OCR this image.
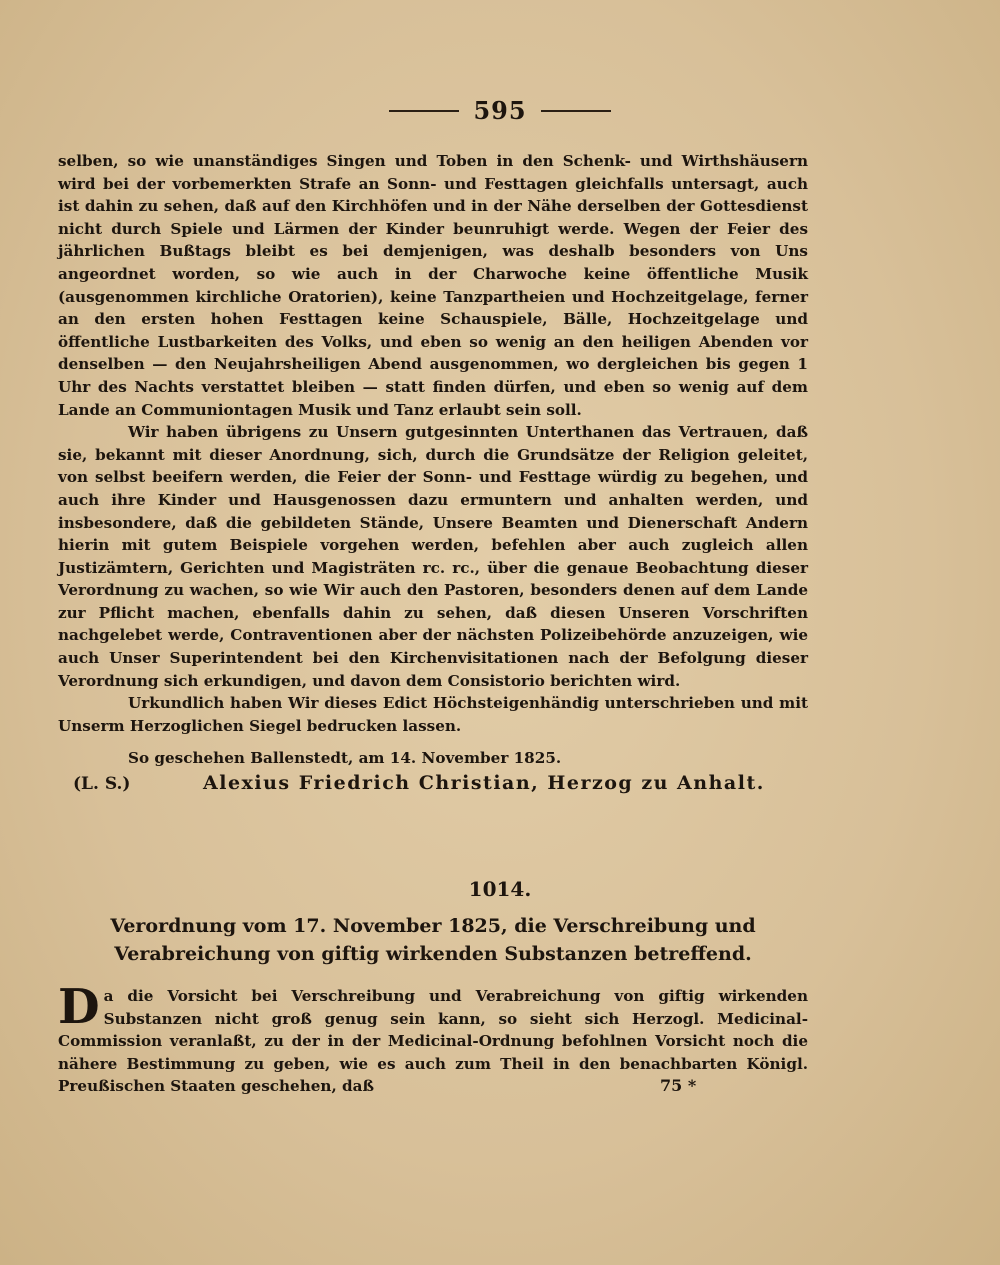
595

selben, so wie unanständiges Singen und Toben in den Schenk- und Wirthshäusern wird bei der vorbemerkten Strafe an Sonn- und Festtagen gleichfalls untersagt, auch ist dahin zu sehen, daß auf den Kirchhöfen und in der Nähe derselben der Gottesdienst nicht durch Spiele und Lärmen der Kinder beunruhigt werde. Wegen der Feier des jährlichen Bußtags bleibt es bei demjenigen, was deshalb besonders von Uns angeordnet worden, so wie auch in der Charwoche keine öffentliche Musik (ausgenommen kirchliche Oratorien), keine Tanzpartheien und Hochzeitgelage, ferner an den ersten hohen Festtagen keine Schauspiele, Bälle, Hochzeitgelage und öffentliche Lustbarkeiten des Volks, und eben so wenig an den heiligen Abenden vor denselben — den Neujahrsheiligen Abend ausgenommen, wo dergleichen bis gegen 1 Uhr des Nachts verstattet bleiben — statt finden dürfen, und eben so wenig auf dem Lande an Communiontagen Musik und Tanz erlaubt sein soll.

Wir haben übrigens zu Unsern gutgesinnten Unterthanen das Vertrauen, daß sie, bekannt mit dieser Anordnung, sich, durch die Grundsätze der Religion geleitet, von selbst beeifern werden, die Feier der Sonn- und Festtage würdig zu begehen, und auch ihre Kinder und Hausgenossen dazu ermuntern und anhalten werden, und insbesondere, daß die gebildeten Stände, Unsere Beamten und Dienerschaft Andern hierin mit gutem Beispiele vorgehen werden, befehlen aber auch zugleich allen Justizämtern, Gerichten und Magisträten rc. rc., über die genaue Beobachtung dieser Verordnung zu wachen, so wie Wir auch den Pastoren, besonders denen auf dem Lande zur Pflicht machen, ebenfalls dahin zu sehen, daß diesen Unseren Vorschriften nachgelebet werde, Contraventionen aber der nächsten Polizeibehörde anzuzeigen, wie auch Unser Superintendent bei den Kirchenvisitationen nach der Befolgung dieser Verordnung sich erkundigen, und davon dem Consistorio berichten wird.

Urkundlich haben Wir dieses Edict Höchsteigenhändig unterschrieben und mit Unserm Herzoglichen Siegel bedrucken lassen.

So geschehen Ballenstedt, am 14. November 1825.

(L. S.)	Alexius Friedrich Christian, Herzog zu Anhalt.
1014.
Verordnung vom 17. November 1825, die Verschreibung und Verabreichung von giftig wirkenden Substanzen betreffend.

D a die Vorsicht bei Verschreibung und Verabreichung von giftig wirkenden Substanzen nicht groß genug sein kann, so sieht sich Herzogl. Medicinal-Commission veranlaßt, zu der in der Medicinal-Ordnung befohlnen Vorsicht noch die nähere Bestimmung zu geben, wie es auch zum Theil in den benachbarten Königl. Preußischen Staaten geschehen, daß	75 *
